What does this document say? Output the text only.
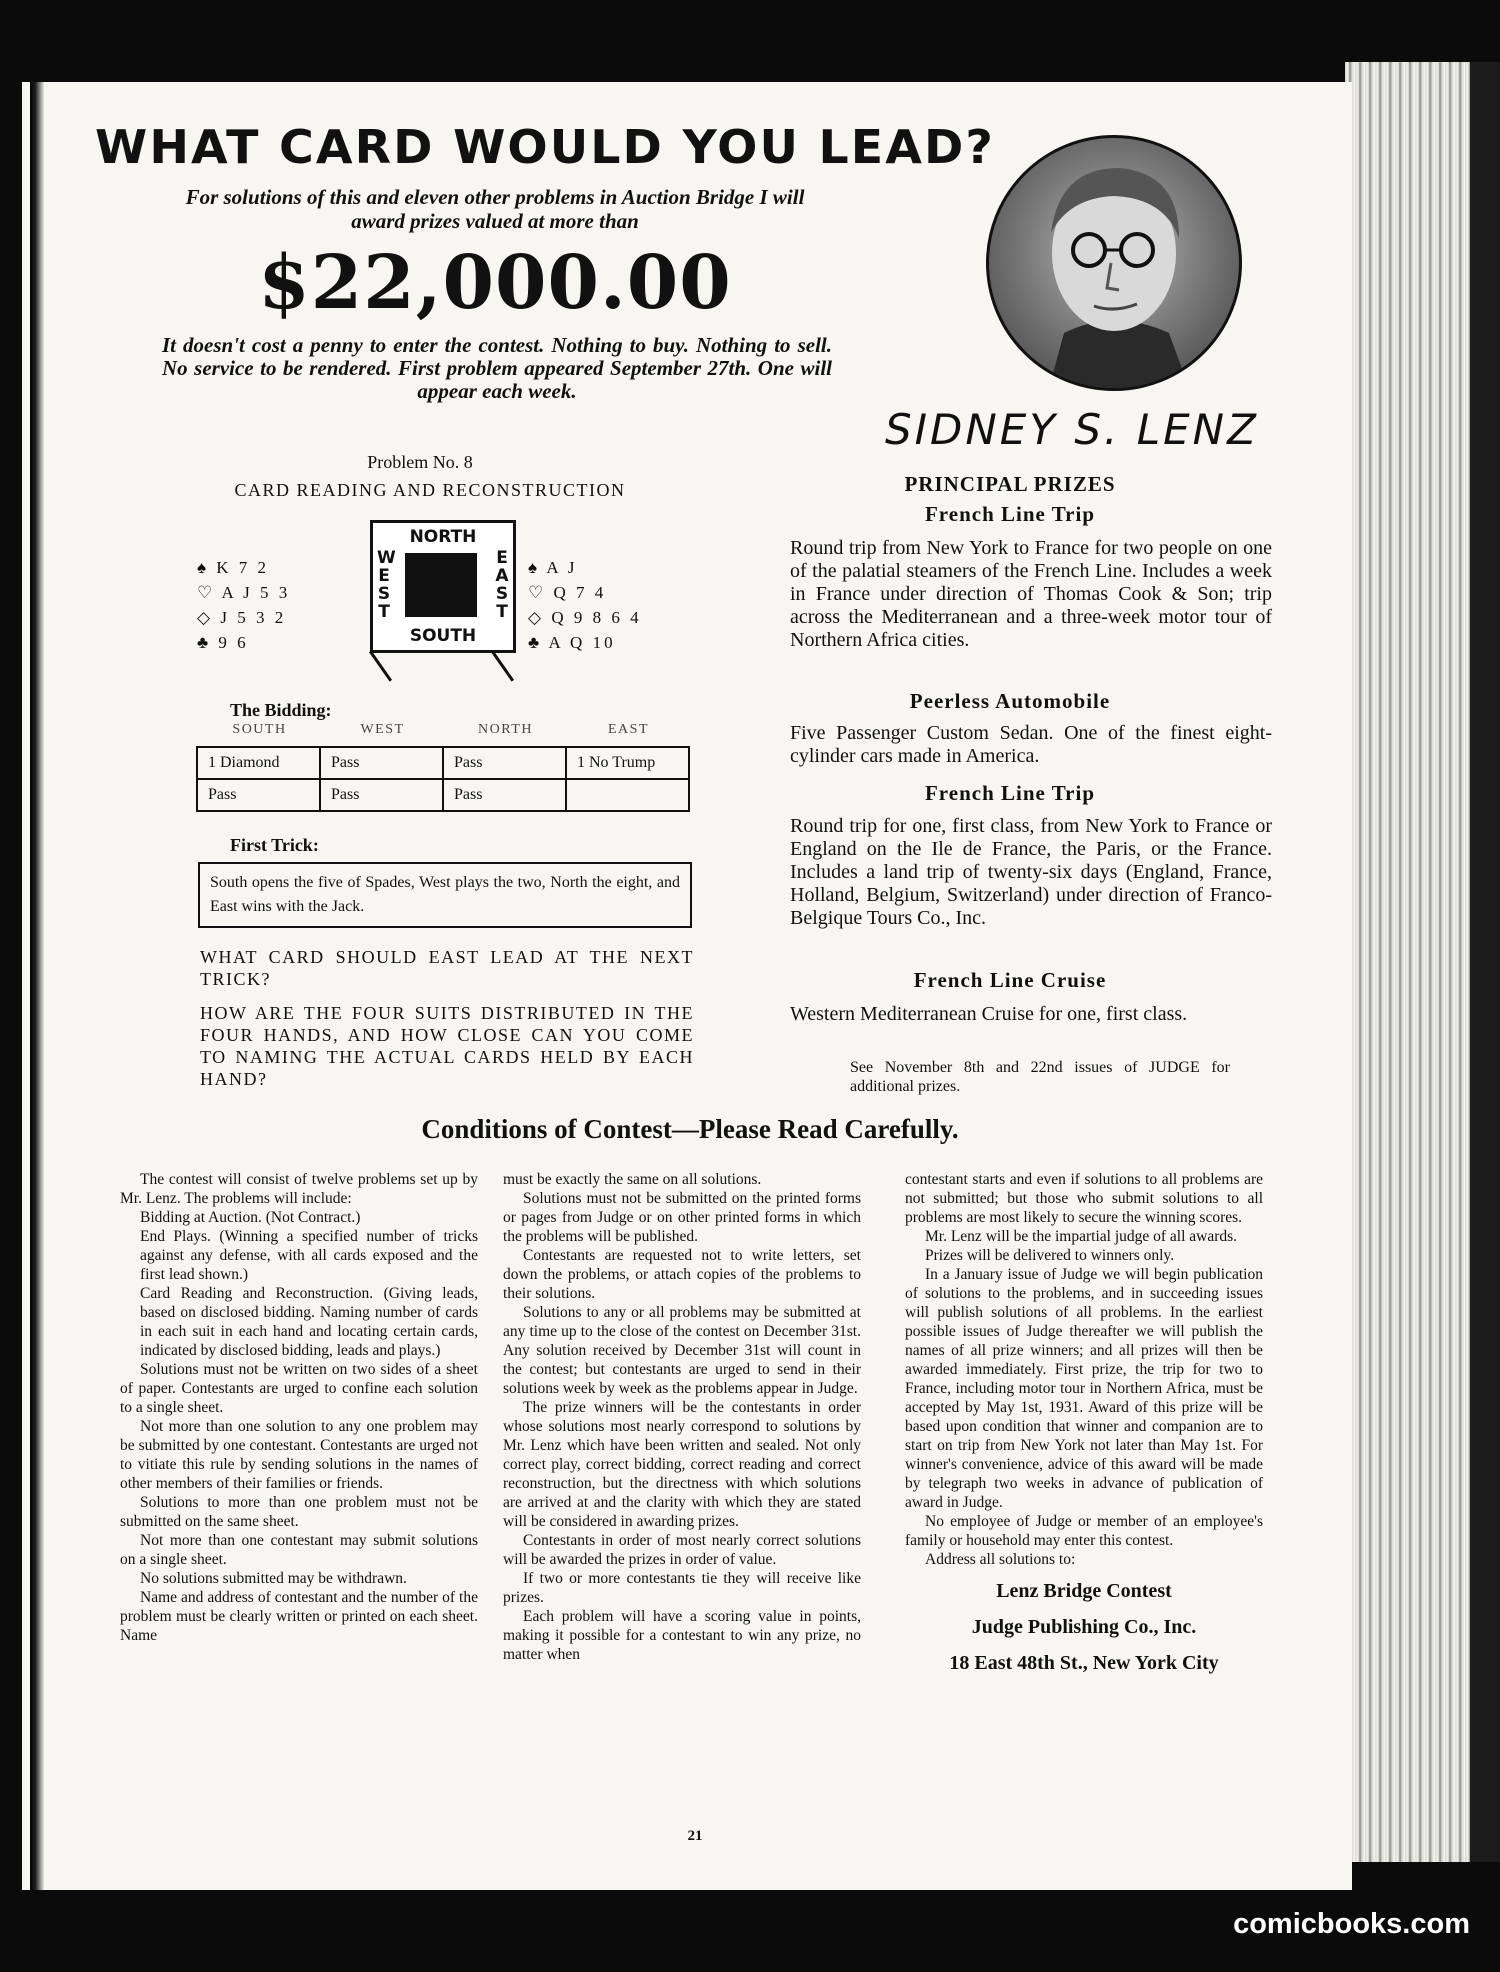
WHAT CARD WOULD YOU LEAD?
For solutions of this and eleven other problems in Auction Bridge I will award prizes valued at more than
$22,000.00
It doesn't cost a penny to enter the contest. Nothing to buy. Nothing to sell. No service to be rendered. First problem appeared September 27th. One will appear each week.
SIDNEY S. LENZ
Problem No. 8
CARD READING AND RECONSTRUCTION
♠ K 7 2
♡ A J 5 3
◇ J 5 3 2
♣ 9 6
NORTH
W
E
S
T
E
A
S
T
SOUTH
♠ A J
♡ Q 7 4
◇ Q 9 8 6 4
♣ A Q 10
The Bidding:
SOUTH	WEST	NORTH	EAST
1 Diamond	Pass	Pass	1 No Trump
Pass	Pass	Pass	
First Trick:
South opens the five of Spades, West plays the two, North the eight, and East wins with the Jack.
WHAT CARD SHOULD EAST LEAD AT THE NEXT TRICK?
HOW ARE THE FOUR SUITS DISTRIBUTED IN THE FOUR HANDS, AND HOW CLOSE CAN YOU COME TO NAMING THE ACTUAL CARDS HELD BY EACH HAND?
PRINCIPAL PRIZES
French Line Trip
Round trip from New York to France for two people on one of the palatial steamers of the French Line. Includes a week in France under direction of Thomas Cook & Son; trip across the Mediterranean and a three-week motor tour of Northern Africa cities.
Peerless Automobile
Five Passenger Custom Sedan. One of the finest eight-cylinder cars made in America.
French Line Trip
Round trip for one, first class, from New York to France or England on the Ile de France, the Paris, or the France. Includes a land trip of twenty-six days (England, France, Holland, Belgium, Switzerland) under direction of Franco-Belgique Tours Co., Inc.
French Line Cruise
Western Mediterranean Cruise for one, first class.
See November 8th and 22nd issues of JUDGE for additional prizes.
Conditions of Contest—Please Read Carefully.

The contest will consist of twelve problems set up by Mr. Lenz. The problems will include:

Bidding at Auction. (Not Contract.)

End Plays. (Winning a specified number of tricks against any defense, with all cards exposed and the first lead shown.)

Card Reading and Reconstruction. (Giving leads, based on disclosed bidding. Naming number of cards in each suit in each hand and locating certain cards, indicated by disclosed bidding, leads and plays.)

Solutions must not be written on two sides of a sheet of paper. Contestants are urged to confine each solution to a single sheet.

Not more than one solution to any one problem may be submitted by one contestant. Contestants are urged not to vitiate this rule by sending solutions in the names of other members of their families or friends.

Solutions to more than one problem must not be submitted on the same sheet.

Not more than one contestant may submit solutions on a single sheet.

No solutions submitted may be withdrawn.

Name and address of contestant and the number of the problem must be clearly written or printed on each sheet. Name

must be exactly the same on all solutions.

Solutions must not be submitted on the printed forms or pages from Judge or on other printed forms in which the problems will be published.

Contestants are requested not to write letters, set down the problems, or attach copies of the problems to their solutions.

Solutions to any or all problems may be submitted at any time up to the close of the contest on December 31st. Any solution received by December 31st will count in the contest; but contestants are urged to send in their solutions week by week as the problems appear in Judge.

The prize winners will be the contestants in order whose solutions most nearly correspond to solutions by Mr. Lenz which have been written and sealed. Not only correct play, correct bidding, correct reading and correct reconstruction, but the directness with which solutions are arrived at and the clarity with which they are stated will be considered in awarding prizes.

Contestants in order of most nearly correct solutions will be awarded the prizes in order of value.

If two or more contestants tie they will receive like prizes.

Each problem will have a scoring value in points, making it possible for a contestant to win any prize, no matter when

contestant starts and even if solutions to all problems are not submitted; but those who submit solutions to all problems are most likely to secure the winning scores.

Mr. Lenz will be the impartial judge of all awards.

Prizes will be delivered to winners only.

In a January issue of Judge we will begin publication of solutions to the problems, and in succeeding issues will publish solutions of all problems. In the earliest possible issues of Judge thereafter we will publish the names of all prize winners; and all prizes will then be awarded immediately. First prize, the trip for two to France, including motor tour in Northern Africa, must be accepted by May 1st, 1931. Award of this prize will be based upon condition that winner and companion are to start on trip from New York not later than May 1st. For winner's convenience, advice of this award will be made by telegraph two weeks in advance of publication of award in Judge.

No employee of Judge or member of an employee's family or household may enter this contest.

Address all solutions to:

Lenz Bridge Contest
Judge Publishing Co., Inc.
18 East 48th St., New York City
21
comicbooks.com
